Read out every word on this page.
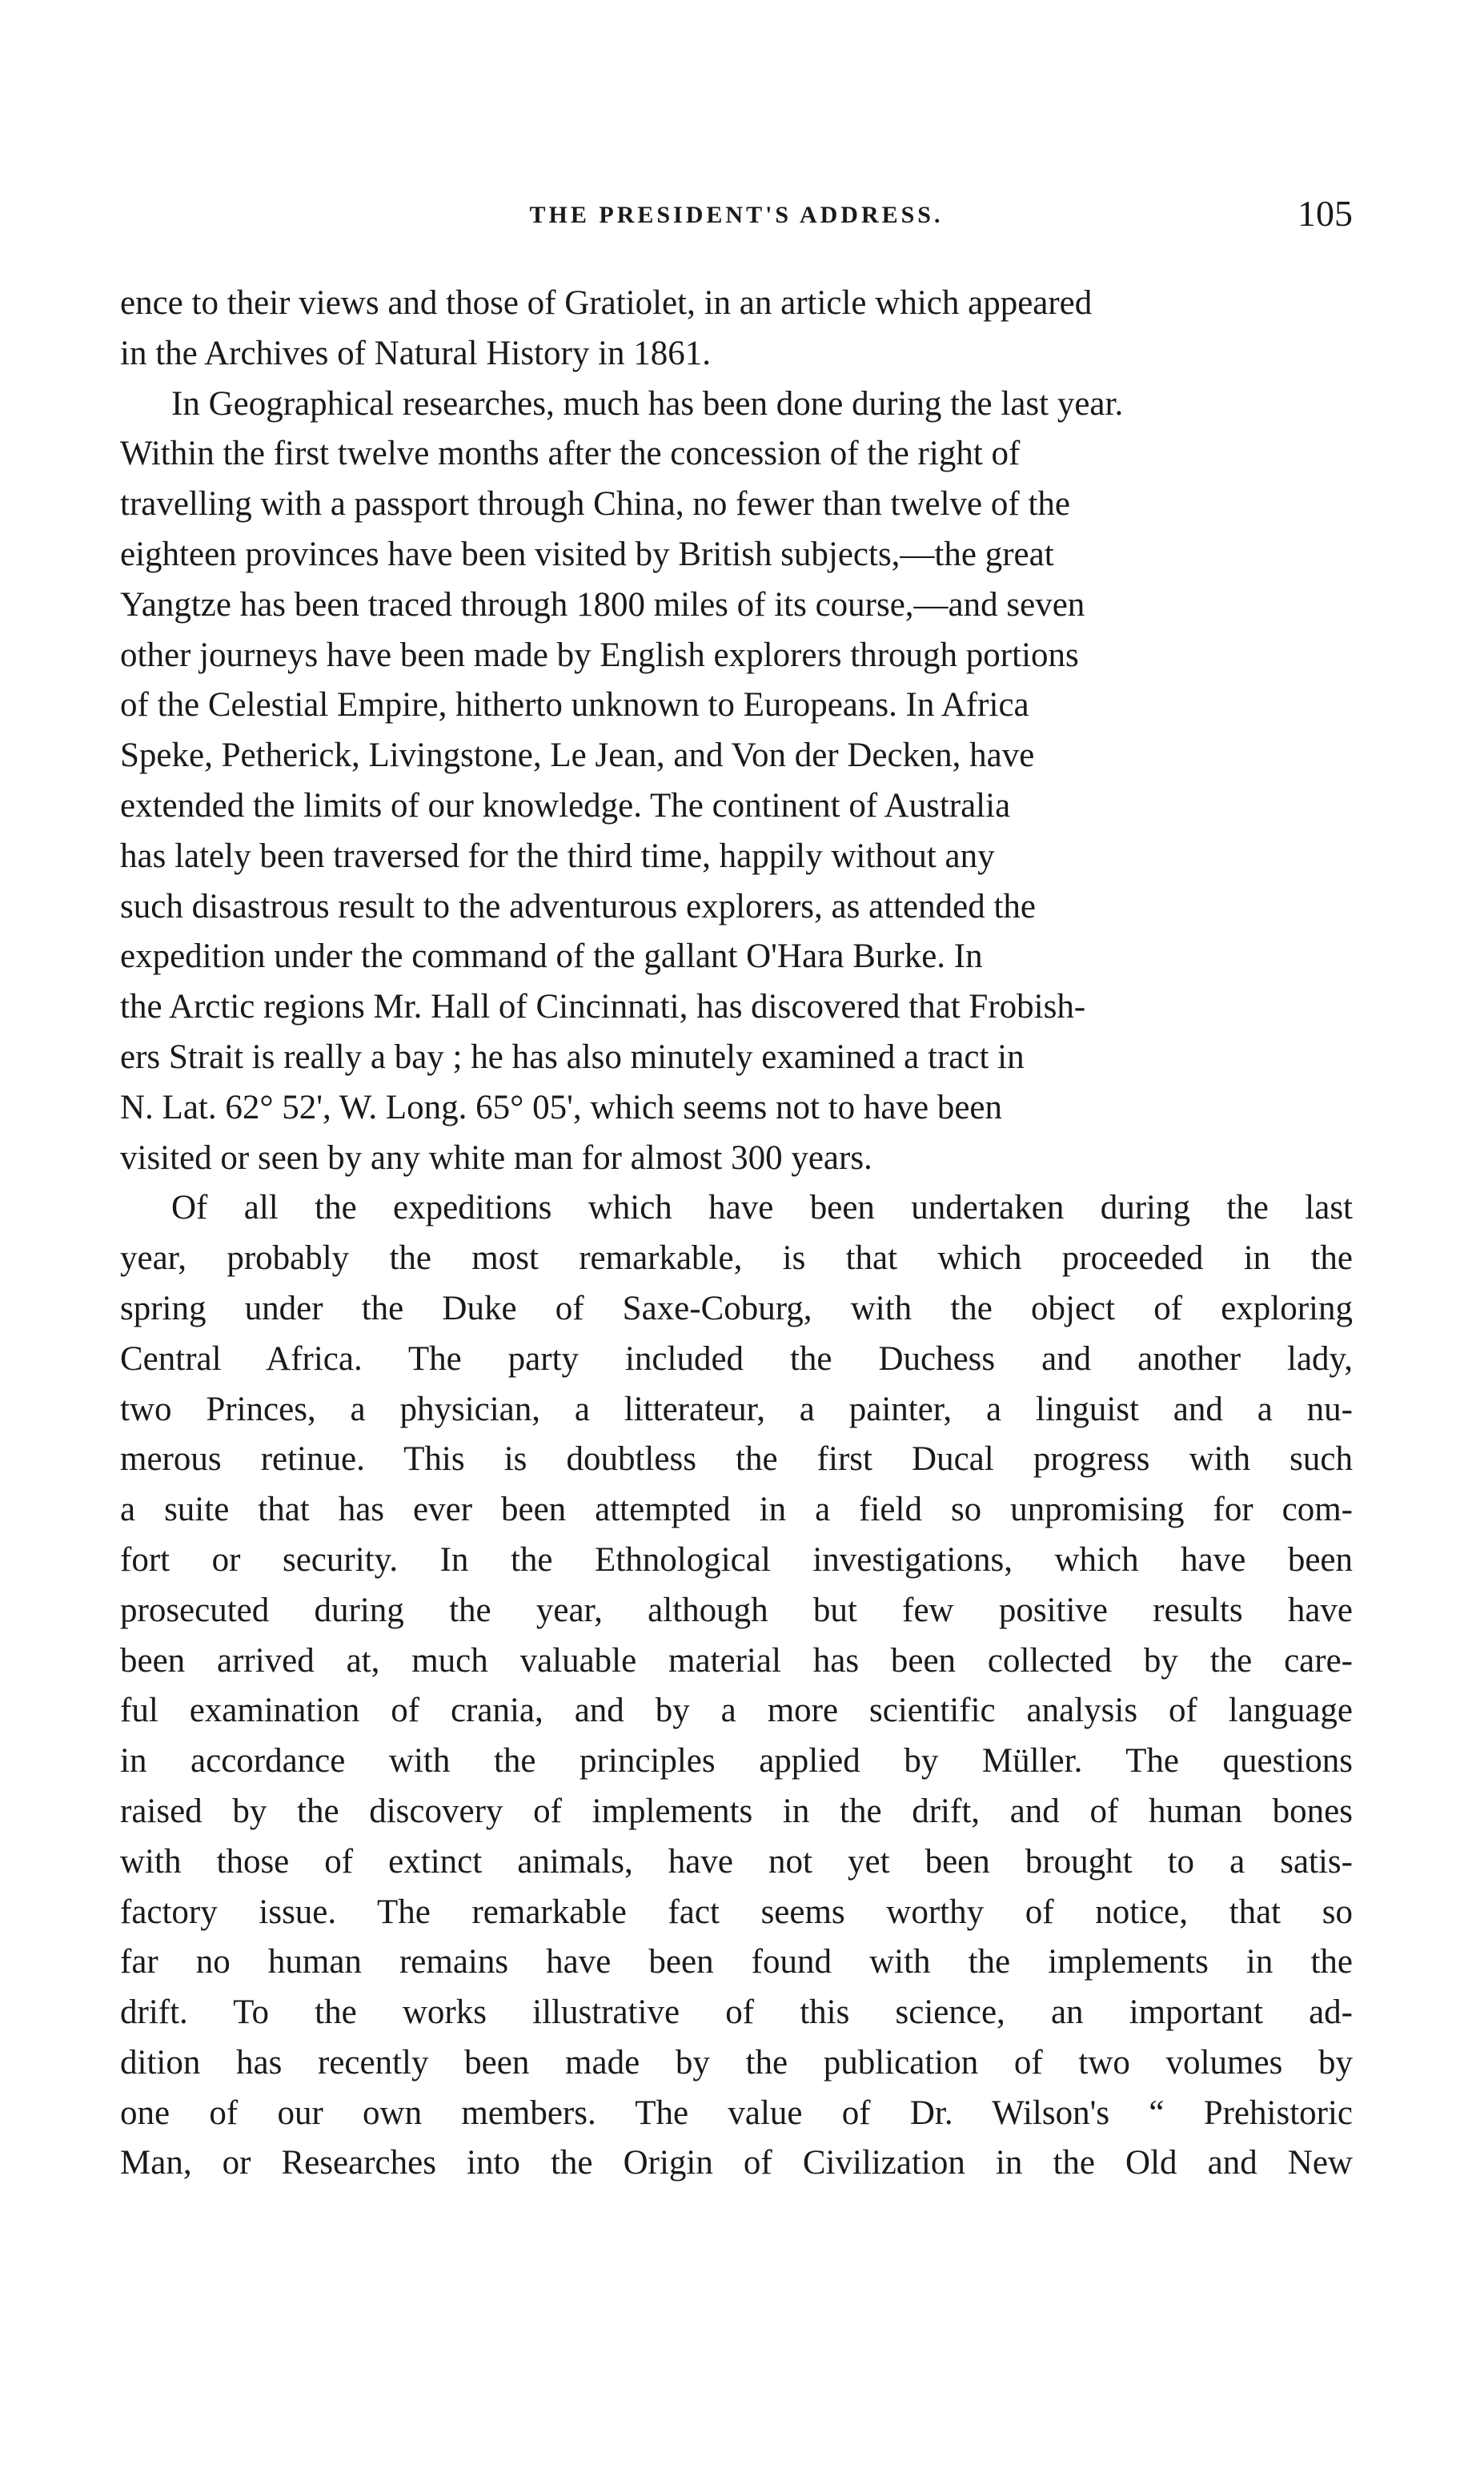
THE PRESIDENT'S ADDRESS.	105

ence to their views and those of Gratiolet, in an article which appeared
in the Archives of Natural History in 1861.

In Geographical researches, much has been done during the last year.
Within the first twelve months after the concession of the right of
travelling with a passport through China, no fewer than twelve of the
eighteen provinces have been visited by British subjects,—the great
Yangtze has been traced through 1800 miles of its course,—and seven
other journeys have been made by English explorers through portions
of the Celestial Empire, hitherto unknown to Europeans. In Africa
Speke, Petherick, Livingstone, Le Jean, and Von der Decken, have
extended the limits of our knowledge. The continent of Australia
has lately been traversed for the third time, happily without any
such disastrous result to the adventurous explorers, as attended the
expedition under the command of the gallant O'Hara Burke. In
the Arctic regions Mr. Hall of Cincinnati, has discovered that Frobish-
ers Strait is really a bay ; he has also minutely examined a tract in
N. Lat. 62° 52', W. Long. 65° 05', which seems not to have been
visited or seen by any white man for almost 300 years.

Of all the expeditions which have been undertaken during the last
year, probably the most remarkable, is that which proceeded in the
spring under the Duke of Saxe-Coburg, with the object of exploring
Central Africa. The party included the Duchess and another lady,
two Princes, a physician, a litterateur, a painter, a linguist and a nu-
merous retinue. This is doubtless the first Ducal progress with such
a suite that has ever been attempted in a field so unpromising for com-
fort or security. In the Ethnological investigations, which have been
prosecuted during the year, although but few positive results have
been arrived at, much valuable material has been collected by the care-
ful examination of crania, and by a more scientific analysis of language
in accordance with the principles applied by Müller. The questions
raised by the discovery of implements in the drift, and of human bones
with those of extinct animals, have not yet been brought to a satis-
factory issue. The remarkable fact seems worthy of notice, that so
far no human remains have been found with the implements in the
drift. To the works illustrative of this science, an important ad-
dition has recently been made by the publication of two volumes by
one of our own members. The value of Dr. Wilson's “ Prehistoric
Man, or Researches into the Origin of Civilization in the Old and New
